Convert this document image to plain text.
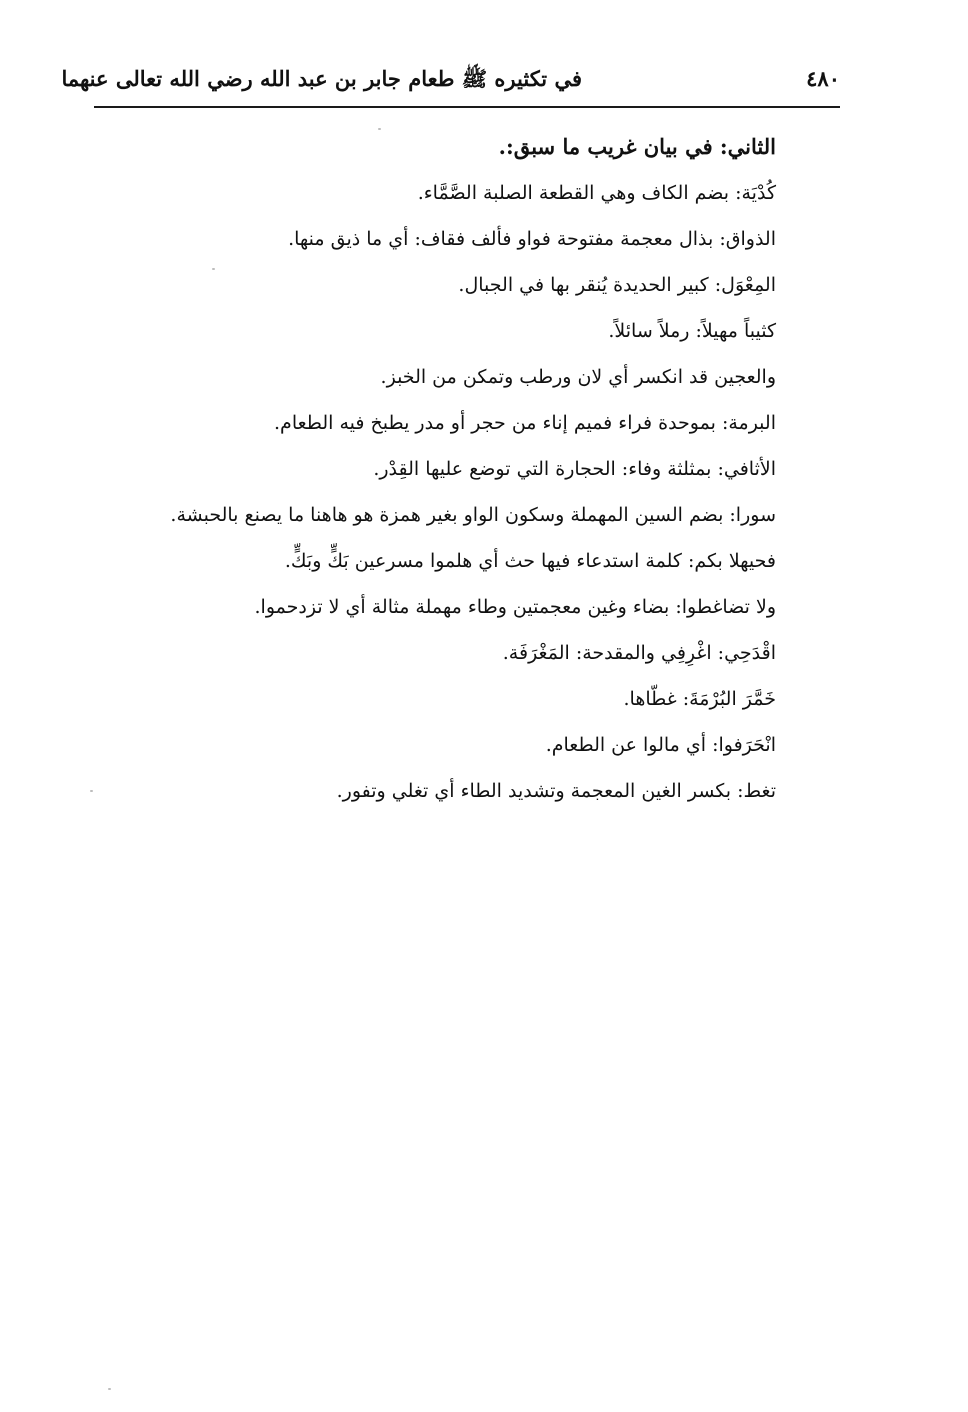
في تكثيره ﷺ طعام جابر بن عبد الله رضي الله تعالى عنهما	٤٨٠
الثاني: في بيان غريب ما سبق:.
كُدْيَة: بضم الكاف وهي القطعة الصلبة الصَّمَّاء.
الذواق: بذال معجمة مفتوحة فواو فألف فقاف: أي ما ذيق منها.
المِعْوَل: كبير الحديدة يُنقر بها في الجبال.
كثيباً مهيلاً: رملاً سائلاً.
والعجين قد انكسر أي لان ورطب وتمكن من الخبز.
البرمة: بموحدة فراء فميم إناء من حجر أو مدر يطبخ فيه الطعام.
الأثافي: بمثلثة وفاء: الحجارة التي توضع عليها القِدْر.
سورا: بضم السين المهملة وسكون الواو بغير همزة هو هاهنا ما يصنع بالحبشة.
فحيهلا بكم: كلمة استدعاء فيها حث أي هلموا مسرعين بَكٍّ وبَكٍّ.
ولا تضاغطوا: بضاء وغين معجمتين وطاء مهملة مثالة أي لا تزدحموا.
اقْدَحِي: اغْرِفِي والمقدحة: المَغْرَفَة.
خَمَّرَ البُرْمَةَ: غطّاها.
انْحَرَفوا: أي مالوا عن الطعام.
تغط: بكسر الغين المعجمة وتشديد الطاء أي تغلي وتفور.
